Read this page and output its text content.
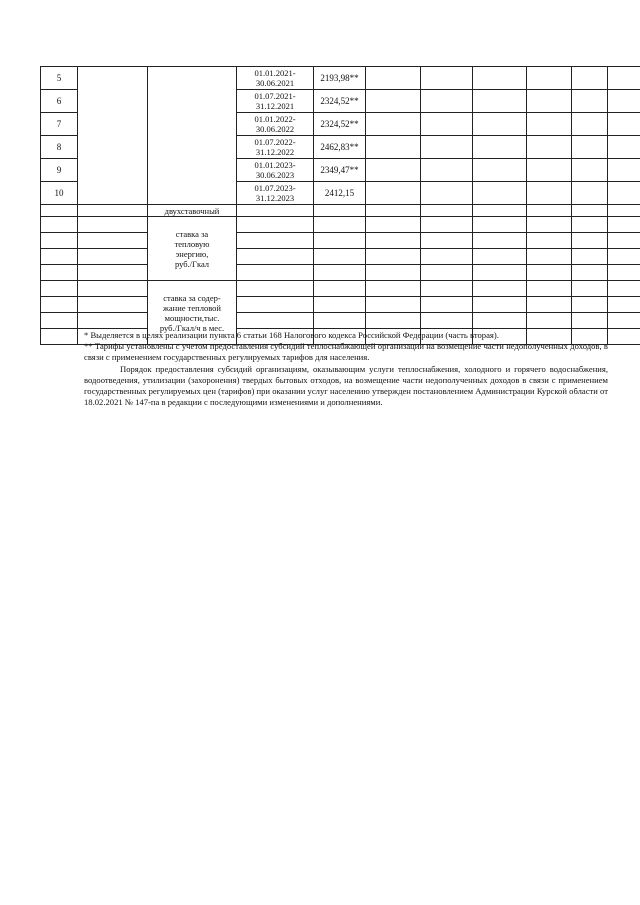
5			01.01.2021-
30.06.2021	2193,98**						
6			01.07.2021-
31.12.2021	2324,52**						
7			01.01.2022-
30.06.2022	2324,52**						
8			01.07.2022-
31.12.2022	2462,83**						
9			01.01.2023-
30.06.2023	2349,47**						
10			01.07.2023-
31.12.2023	2412,15						
		двухставочный								

		ставка за
тепловую
энергию,
руб./Гкал								

		ставка за содер-
жание тепловой
мощности,тыс.
руб./Гкал/ч в мес.								

* Выделяется в целях реализации пункта 6 статьи 168 Налогового кодекса Российской Федерации (часть вторая).

** Тарифы установлены с учетом предоставления субсидий теплоснабжающей организации на возмещение части недополученных доходов, в связи с применением государственных регулируемых тарифов для населения.

Порядок предоставления субсидий организациям, оказывающим услуги теплоснабжения, холодного и горячего водоснабжения, водоотведения, утилизации (захоронения) твердых бытовых отходов, на возмещение части недополученных доходов в связи с применением государственных регулируемых цен (тарифов) при оказании услуг населению утвержден постановлением Администрации Курской области от 18.02.2021 № 147-па в редакции с последующими изменениями и дополнениями.
